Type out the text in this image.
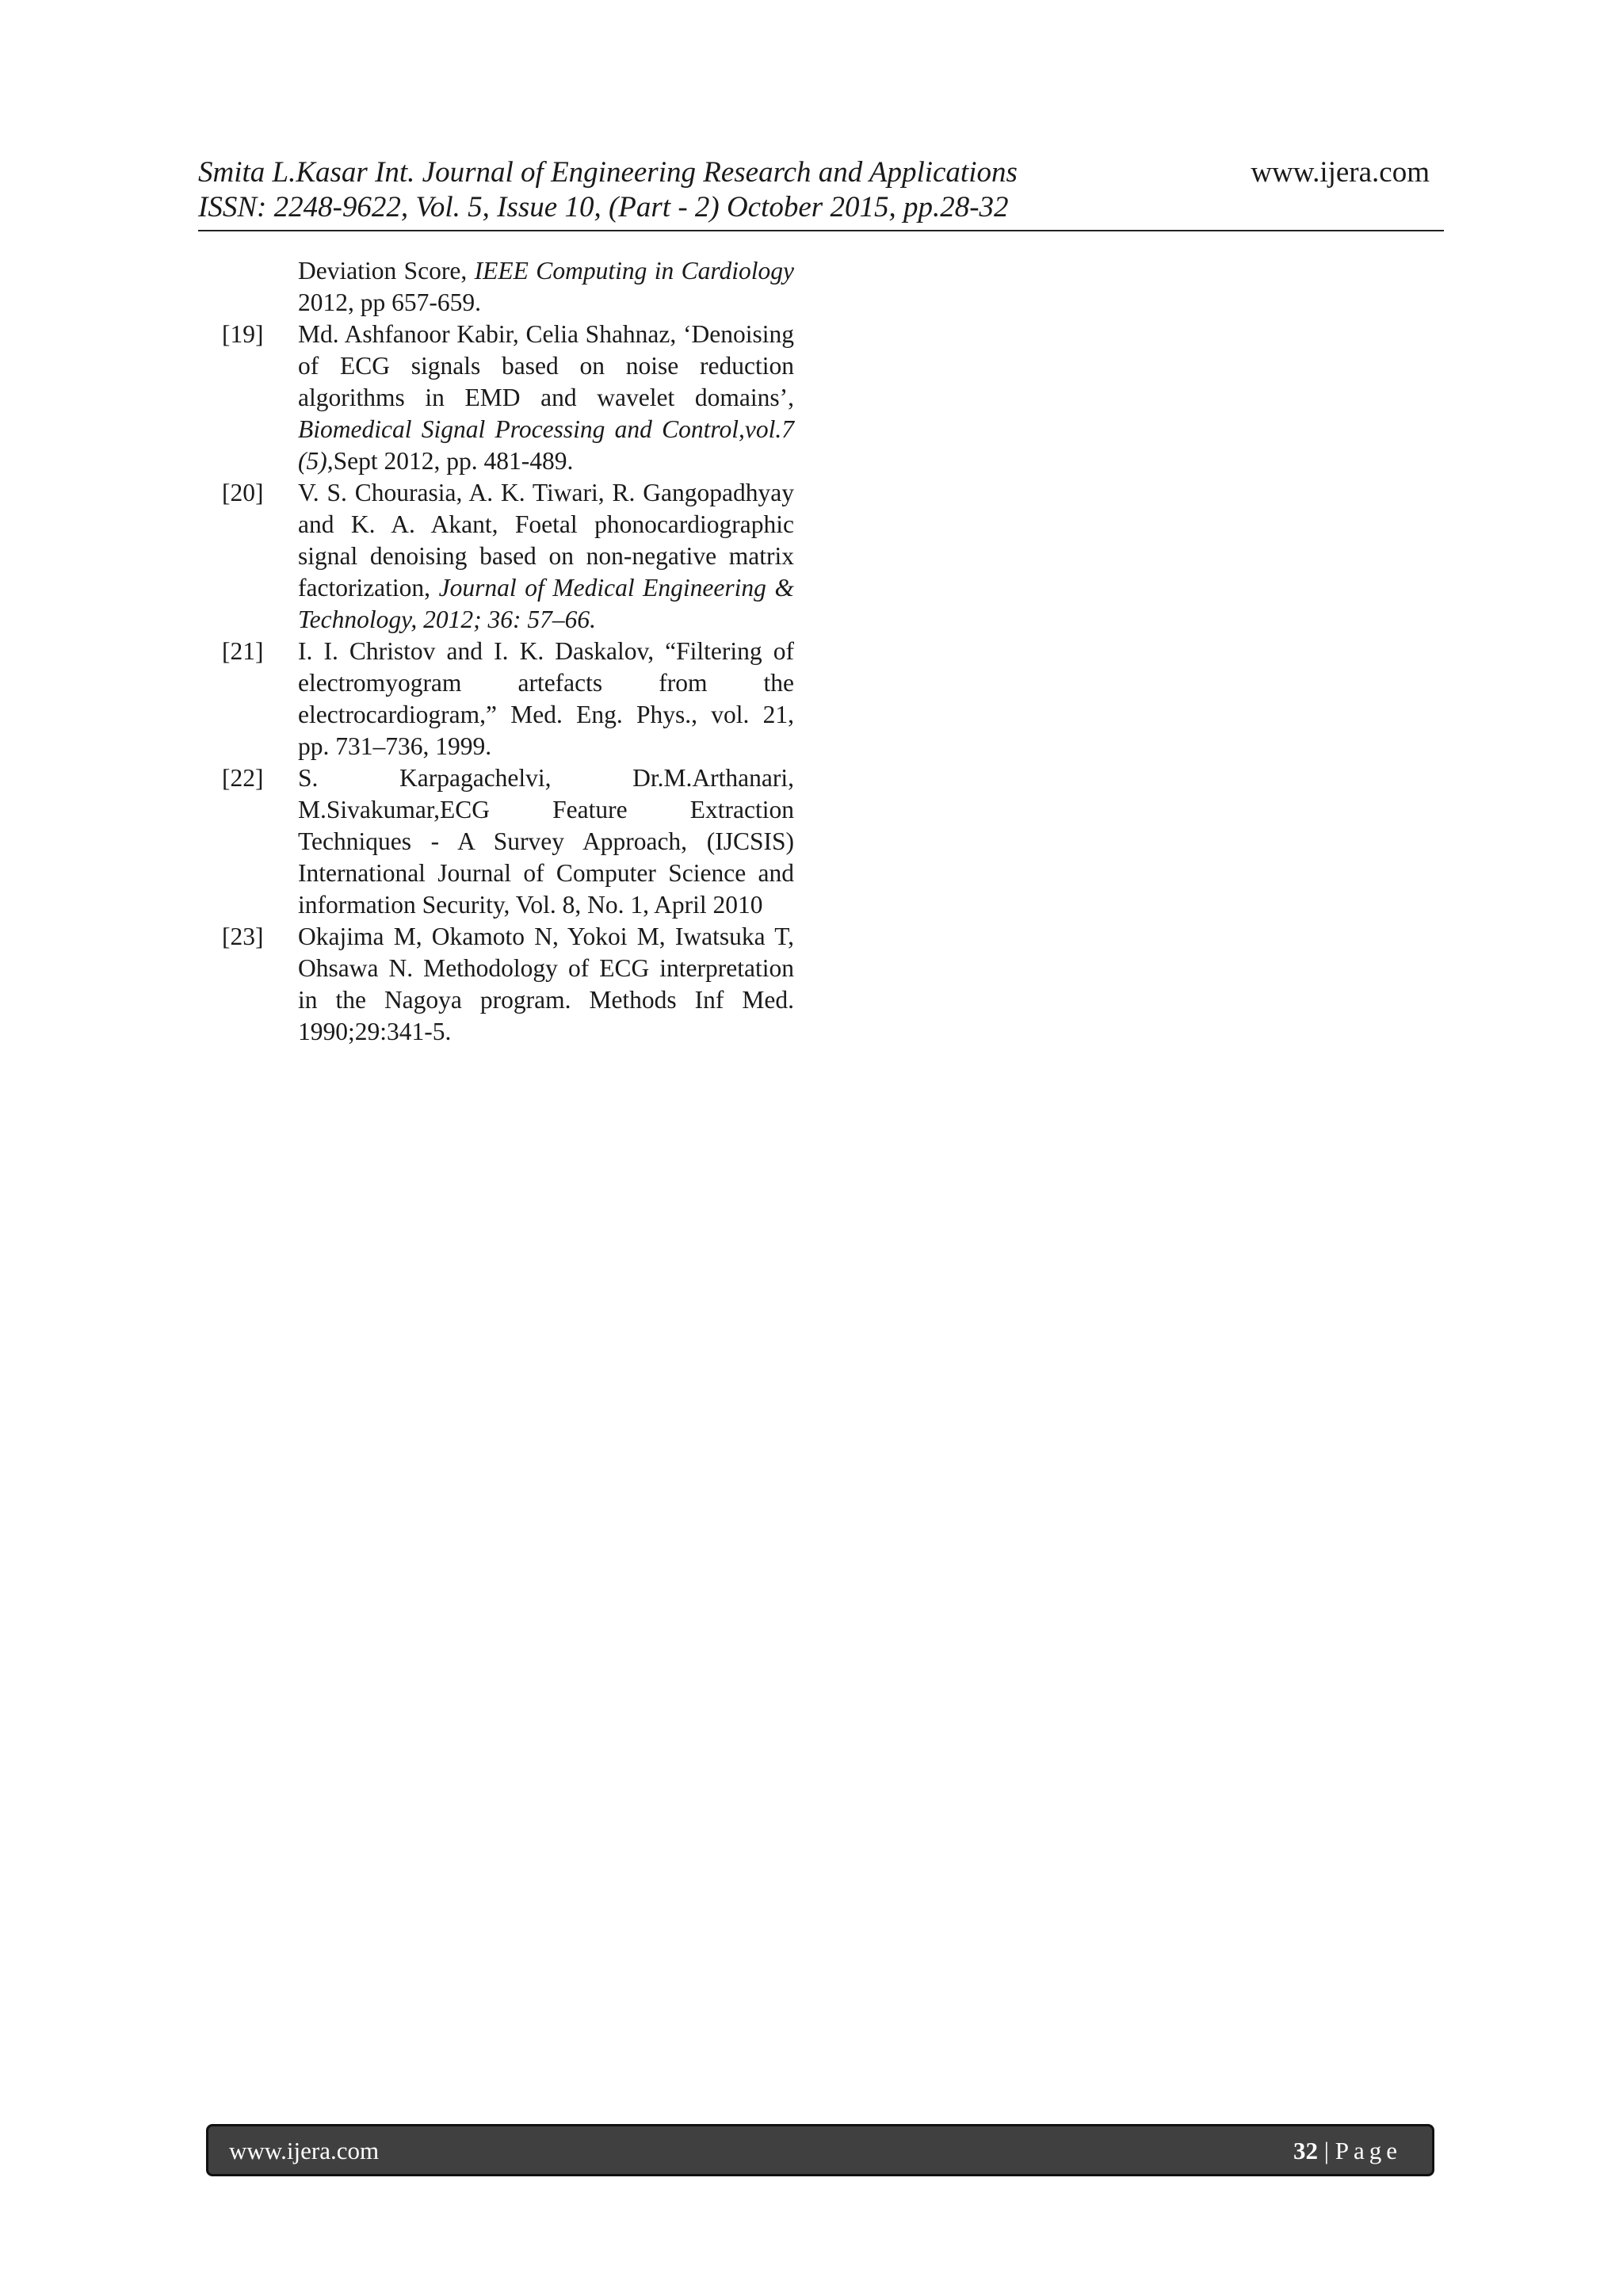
Smita L.Kasar Int. Journal of Engineering Research and Applications
ISSN: 2248-9622, Vol. 5, Issue 10, (Part - 2) October 2015, pp.28-32
www.ijera.com
Deviation Score, IEEE Computing in Cardiology 2012, pp 657-659.
[19] Md. Ashfanoor Kabir, Celia Shahnaz, ‘Denoising of ECG signals based on noise reduction algorithms in EMD and wavelet domains’, Biomedical Signal Processing and Control,vol.7 (5),Sept 2012, pp. 481-489.
[20] V. S. Chourasia, A. K. Tiwari, R. Gangopadhyay and K. A. Akant, Foetal phonocardiographic signal denoising based on non-negative matrix factorization, Journal of Medical Engineering & Technology, 2012; 36: 57–66.
[21] I. I. Christov and I. K. Daskalov, “Filtering of electromyogram artefacts from the electrocardiogram,” Med. Eng. Phys., vol. 21, pp. 731–736, 1999.
[22] S. Karpagachelvi, Dr.M.Arthanari, M.Sivakumar,ECG Feature Extraction Techniques - A Survey Approach, (IJCSIS) International Journal of Computer Science and information Security, Vol. 8, No. 1, April 2010
[23] Okajima M, Okamoto N, Yokoi M, Iwatsuka T, Ohsawa N. Methodology of ECG interpretation in the Nagoya program. Methods Inf Med. 1990;29:341-5.
www.ijera.com	32 | Page
